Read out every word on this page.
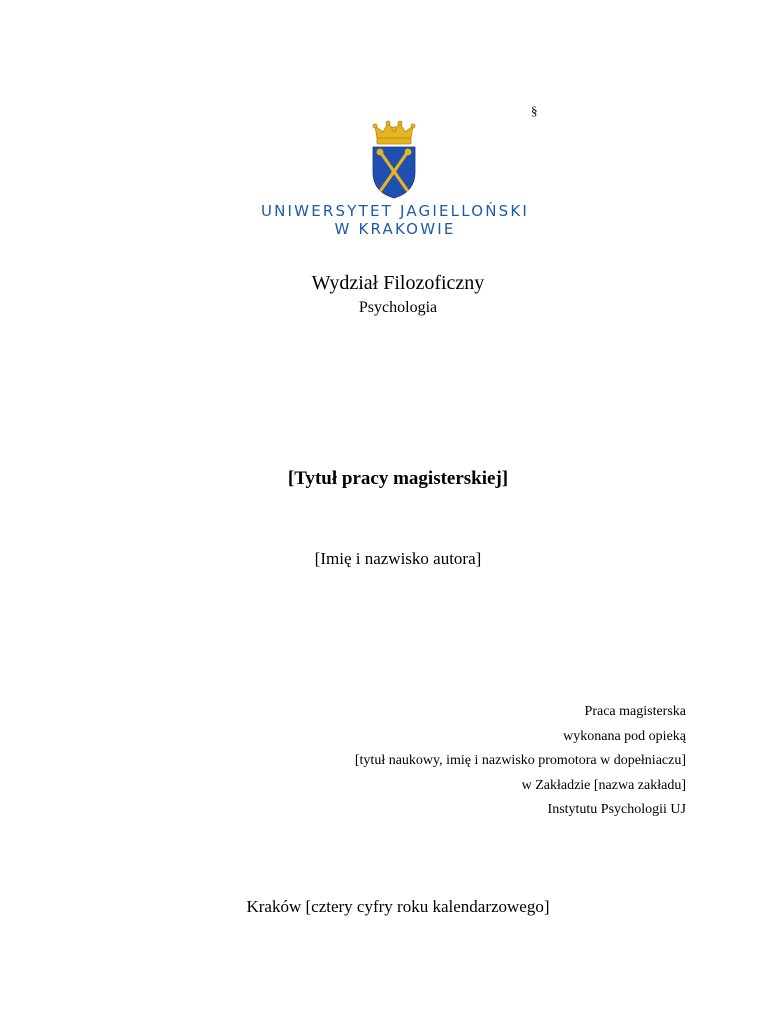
§
UNIWERSYTET JAGIELLOŃSKI
W KRAKOWIE
Wydział Filozoficzny
Psychologia
[Tytuł pracy magisterskiej]
[Imię i nazwisko autora]
Praca magisterska
wykonana pod opieką
[tytuł naukowy, imię i nazwisko promotora w dopełniaczu]
w Zakładzie [nazwa zakładu]
Instytutu Psychologii UJ
Kraków [cztery cyfry roku kalendarzowego]
